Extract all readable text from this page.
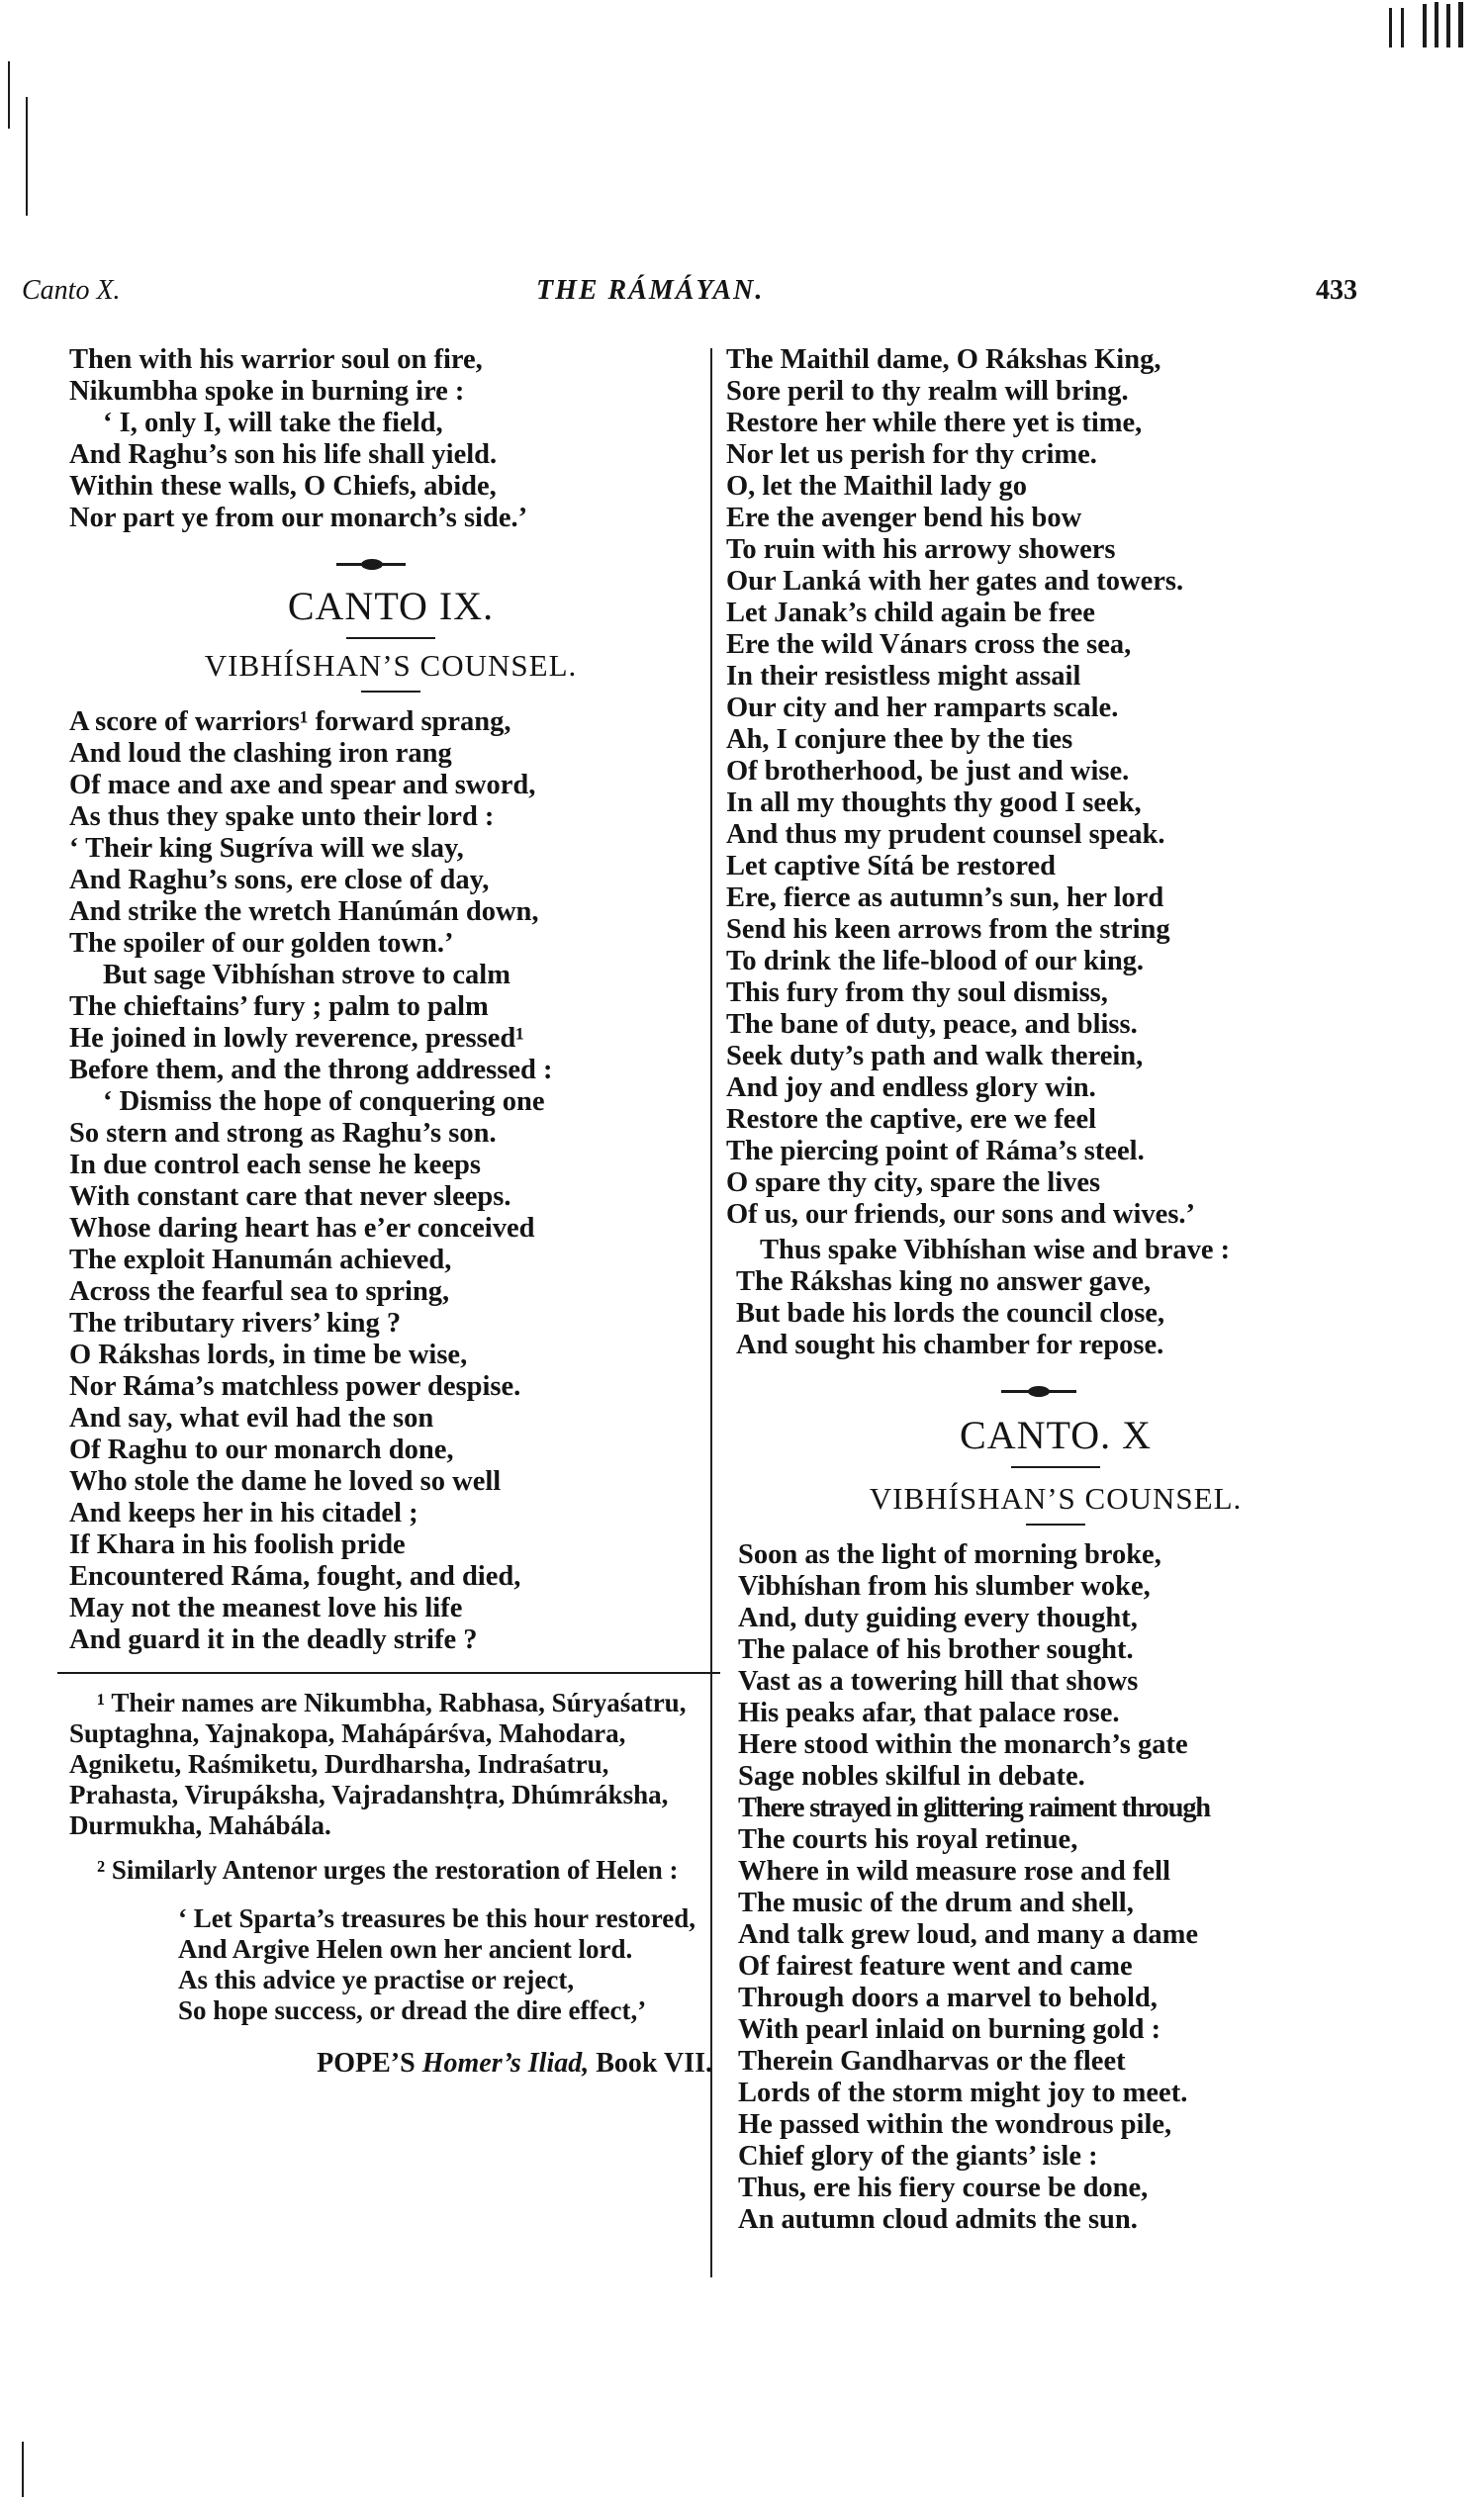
Canto X.	THE RÁMÁYAN.	433
Then with his warrior soul on fire,
Nikumbha spoke in burning ire :
‘ I, only I, will take the field,
And Raghu’s son his life shall yield.
Within these walls, O Chiefs, abide,
Nor part ye from our monarch’s side.’
CANTO IX.
VIBHÍSHAN’S COUNSEL.
A score of warriors¹ forward sprang,
And loud the clashing iron rang
Of mace and axe and spear and sword,
As thus they spake unto their lord :
‘ Their king Sugríva will we slay,
And Raghu’s sons, ere close of day,
And strike the wretch Hanúmán down,
The spoiler of our golden town.’
But sage Vibhíshan strove to calm
The chieftains’ fury ; palm to palm
He joined in lowly reverence, pressed¹
Before them, and the throng addressed :
‘ Dismiss the hope of conquering one
So stern and strong as Raghu’s son.
In due control each sense he keeps
With constant care that never sleeps.
Whose daring heart has e’er conceived
The exploit Hanumán achieved,
Across the fearful sea to spring,
The tributary rivers’ king ?
O Rákshas lords, in time be wise,
Nor Ráma’s matchless power despise.
And say, what evil had the son
Of Raghu to our monarch done,
Who stole the dame he loved so well
And keeps her in his citadel ;
If Khara in his foolish pride
Encountered Ráma, fought, and died,
May not the meanest love his life
And guard it in the deadly strife ?

¹ Their names are Nikumbha, Rabhasa, Súryaśatru, Suptaghna, Yajnakopa, Mahápárśva, Mahodara, Agniketu, Raśmiketu, Durdharsha, Indraśatru, Prahasta, Virupáksha, Vajradanshṭra, Dhúmráksha, Durmukha, Mahábála.

² Similarly Antenor urges the restoration of Helen :

‘ Let Sparta’s treasures be this hour restored,
And Argive Helen own her ancient lord.
As this advice ye practise or reject,
So hope success, or dread the dire effect,’
POPE’S Homer’s Iliad, Book VII.
The Maithil dame, O Rákshas King,
Sore peril to thy realm will bring.
Restore her while there yet is time,
Nor let us perish for thy crime.
O, let the Maithil lady go
Ere the avenger bend his bow
To ruin with his arrowy showers
Our Lanká with her gates and towers.
Let Janak’s child again be free
Ere the wild Vánars cross the sea,
In their resistless might assail
Our city and her ramparts scale.
Ah, I conjure thee by the ties
Of brotherhood, be just and wise.
In all my thoughts thy good I seek,
And thus my prudent counsel speak.
Let captive Sítá be restored
Ere, fierce as autumn’s sun, her lord
Send his keen arrows from the string
To drink the life-blood of our king.
This fury from thy soul dismiss,
The bane of duty, peace, and bliss.
Seek duty’s path and walk therein,
And joy and endless glory win.
Restore the captive, ere we feel
The piercing point of Ráma’s steel.
O spare thy city, spare the lives
Of us, our friends, our sons and wives.’
Thus spake Vibhíshan wise and brave :
The Rákshas king no answer gave,
But bade his lords the council close,
And sought his chamber for repose.
CANTO. X
VIBHÍSHAN’S COUNSEL.
Soon as the light of morning broke,
Vibhíshan from his slumber woke,
And, duty guiding every thought,
The palace of his brother sought.
Vast as a towering hill that shows
His peaks afar, that palace rose.
Here stood within the monarch’s gate
Sage nobles skilful in debate.
There strayed in glittering raiment through
The courts his royal retinue,
Where in wild measure rose and fell
The music of the drum and shell,
And talk grew loud, and many a dame
Of fairest feature went and came
Through doors a marvel to behold,
With pearl inlaid on burning gold :
Therein Gandharvas or the fleet
Lords of the storm might joy to meet.
He passed within the wondrous pile,
Chief glory of the giants’ isle :
Thus, ere his fiery course be done,
An autumn cloud admits the sun.
